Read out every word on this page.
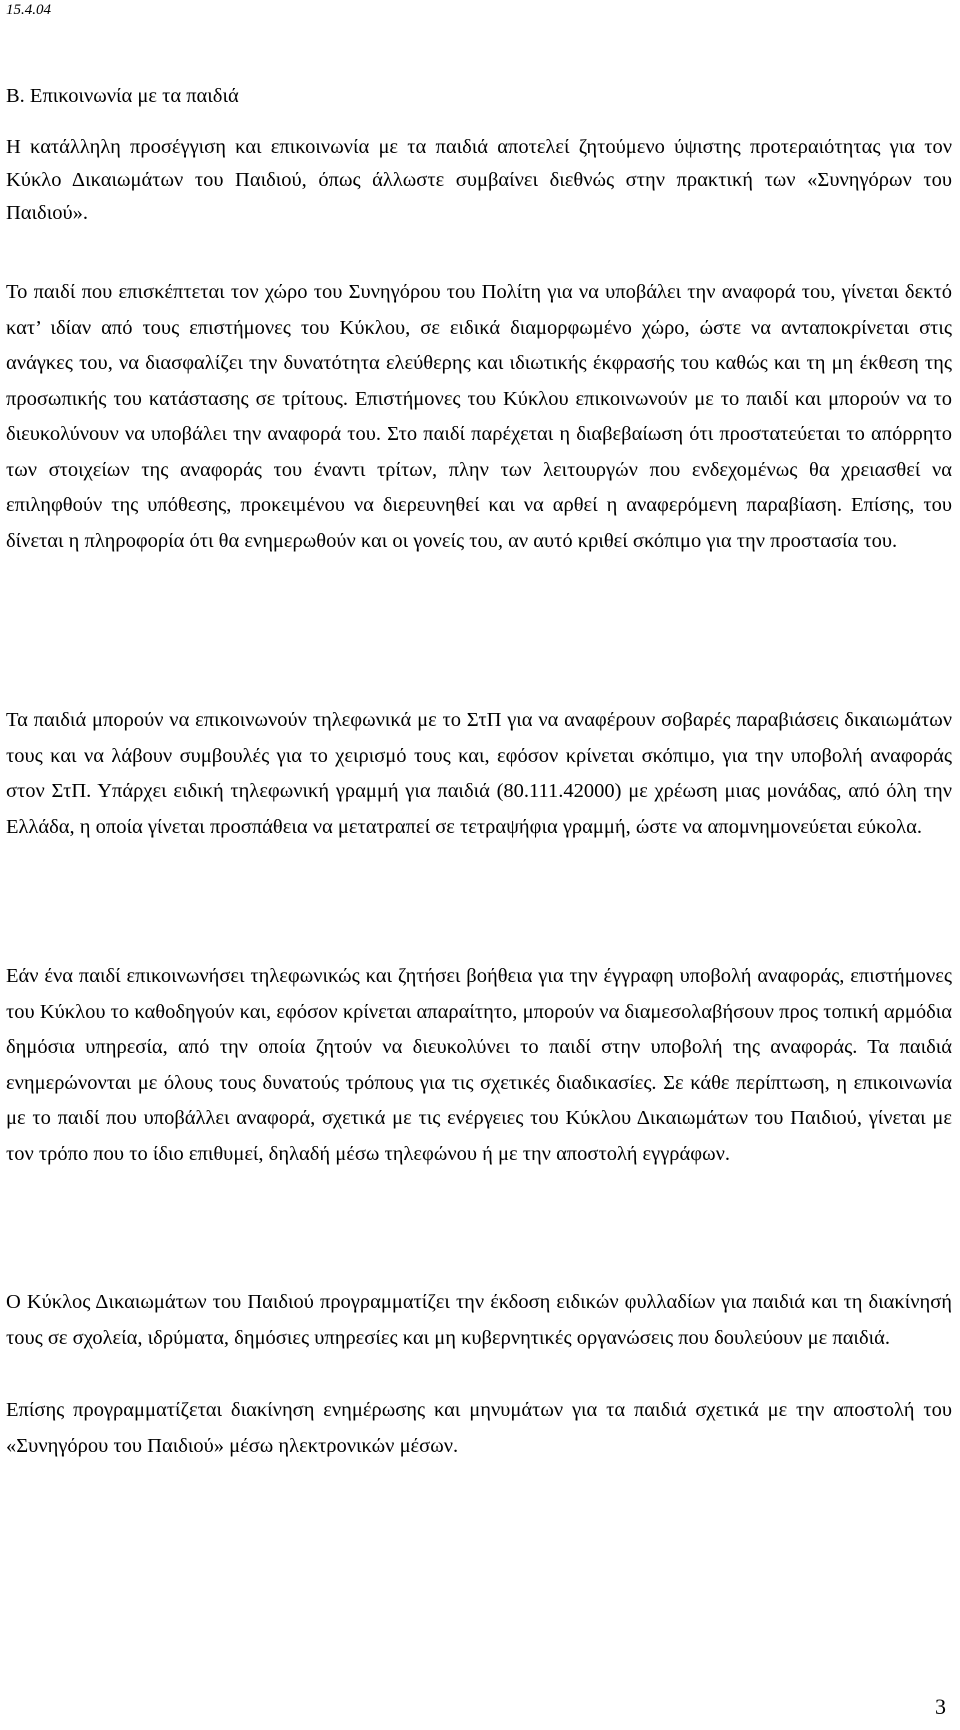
15.4.04

B. Επικοινωνία με τα παιδιά

Η κατάλληλη προσέγγιση και επικοινωνία με τα παιδιά αποτελεί ζητούμενο ύψιστης προτεραιότητας για τον Κύκλο Δικαιωμάτων του Παιδιού, όπως άλλωστε συμβαίνει διεθνώς στην πρακτική των «Συνηγόρων του Παιδιού».

Το παιδί που επισκέπτεται τον χώρο του Συνηγόρου του Πολίτη για να υποβάλει την αναφορά του, γίνεται δεκτό κατ’ ιδίαν από τους επιστήμονες του Κύκλου, σε ειδικά διαμορφωμένο χώρο, ώστε να ανταποκρίνεται στις ανάγκες του, να διασφαλίζει την δυνατότητα ελεύθερης και ιδιωτικής έκφρασής του καθώς και τη μη έκθεση της προσωπικής του κατάστασης σε τρίτους. Επιστήμονες του Κύκλου επικοινωνούν με το παιδί και μπορούν να το διευκολύνουν να υποβάλει την αναφορά του. Στο παιδί παρέχεται η διαβεβαίωση ότι προστατεύεται το απόρρητο των στοιχείων της αναφοράς του έναντι τρίτων, πλην των λειτουργών που ενδεχομένως θα χρειασθεί να επιληφθούν της υπόθεσης, προκειμένου να διερευνηθεί και να αρθεί η αναφερόμενη παραβίαση. Επίσης, του δίνεται η πληροφορία ότι θα ενημερωθούν και οι γονείς του, αν αυτό κριθεί σκόπιμο για την προστασία του.

Τα παιδιά μπορούν να επικοινωνούν τηλεφωνικά με το ΣτΠ για να αναφέρουν σοβαρές παραβιάσεις δικαιωμάτων τους και να λάβουν συμβουλές για το χειρισμό τους και, εφόσον κρίνεται σκόπιμο, για την υποβολή αναφοράς στον ΣτΠ. Υπάρχει ειδική τηλεφωνική γραμμή για παιδιά (80.111.42000) με χρέωση μιας μονάδας, από όλη την Ελλάδα, η οποία γίνεται προσπάθεια να μετατραπεί σε τετραψήφια γραμμή, ώστε να απομνημονεύεται εύκολα.

Εάν ένα παιδί επικοινωνήσει τηλεφωνικώς και ζητήσει βοήθεια για την έγγραφη υποβολή αναφοράς, επιστήμονες του Κύκλου το καθοδηγούν και, εφόσον κρίνεται απαραίτητο, μπορούν να διαμεσολαβήσουν προς τοπική αρμόδια δημόσια υπηρεσία, από την οποία ζητούν να διευκολύνει το παιδί στην υποβολή της αναφοράς. Τα παιδιά ενημερώνονται με όλους τους δυνατούς τρόπους για τις σχετικές διαδικασίες. Σε κάθε περίπτωση, η επικοινωνία με το παιδί που υποβάλλει αναφορά, σχετικά με τις ενέργειες του Κύκλου Δικαιωμάτων του Παιδιού, γίνεται με τον τρόπο που το ίδιο επιθυμεί, δηλαδή μέσω τηλεφώνου ή με την αποστολή εγγράφων.

Ο Κύκλος Δικαιωμάτων του Παιδιού προγραμματίζει την έκδοση ειδικών φυλλαδίων για παιδιά και τη διακίνησή τους σε σχολεία, ιδρύματα, δημόσιες υπηρεσίες και μη κυβερνητικές οργανώσεις που δουλεύουν με παιδιά.

Επίσης προγραμματίζεται διακίνηση ενημέρωσης και μηνυμάτων για τα παιδιά σχετικά με την αποστολή του «Συνηγόρου του Παιδιού» μέσω ηλεκτρονικών μέσων.

3
